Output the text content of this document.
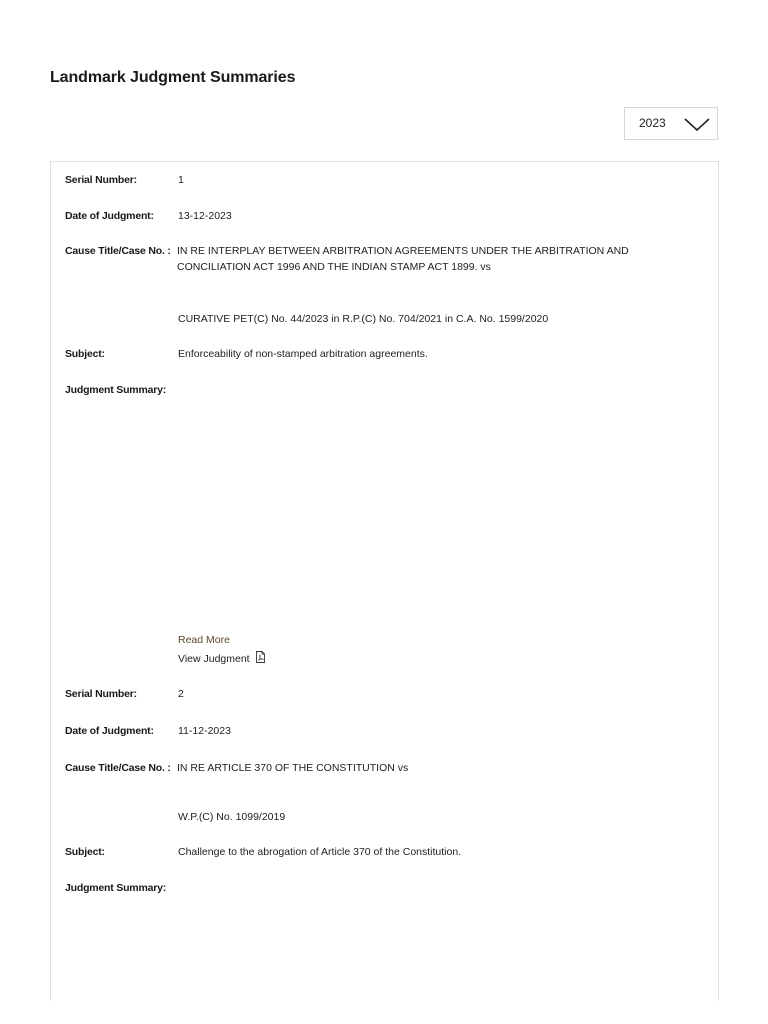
Landmark Judgment Summaries
2023
Serial Number:	1
Date of Judgment: 13-12-2023
Cause Title/Case No. : IN RE INTERPLAY BETWEEN ARBITRATION AGREEMENTS UNDER THE ARBITRATION AND CONCILIATION ACT 1996 AND THE INDIAN STAMP ACT 1899. vs
CURATIVE PET(C) No. 44/2023 in R.P.(C) No. 704/2021 in C.A. No. 1599/2020
Subject:	Enforceability of non-stamped arbitration agreements.
Judgment Summary:
Read More
View Judgment
Serial Number:	2
Date of Judgment: 11-12-2023
Cause Title/Case No. : IN RE ARTICLE 370 OF THE CONSTITUTION vs
W.P.(C) No. 1099/2019
Subject:	Challenge to the abrogation of Article 370 of the Constitution.
Judgment Summary:
